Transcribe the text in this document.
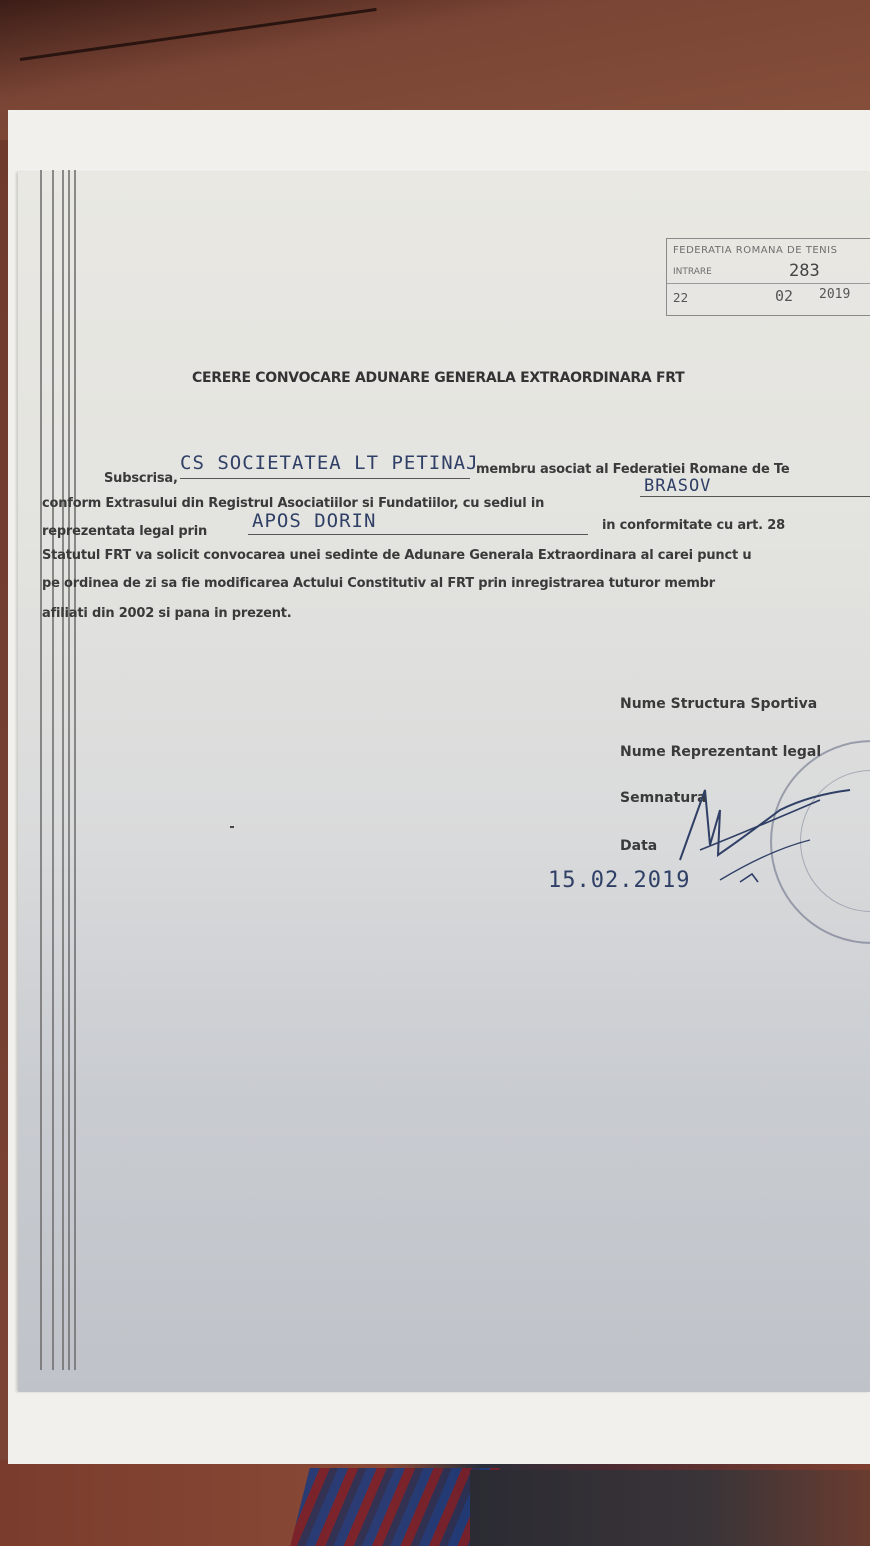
FEDERATIA ROMANA DE TENIS
INTRARE	283
22	02 2019
CERERE CONVOCARE ADUNARE GENERALA EXTRAORDINARA FRT
Subscrisa,
CS SOCIETATEA LT PETINAJ
membru asociat al Federatiei Romane de Te
conform Extrasului din Registrul Asociatiilor si Fundatiilor, cu sediul in
BRASOV
reprezentata legal prin APOS DORIN	in conformitate cu art. 28
Statutul FRT va solicit convocarea unei sedinte de Adunare Generala Extraordinara al carei punct u
pe ordinea de zi sa fie modificarea Actului Constitutiv al FRT prin inregistrarea tuturor membr
afiliati din 2002 si pana in prezent.
Nume Structura Sportiva
Nume Reprezentant legal
Semnatura
Data
15.02.2019
